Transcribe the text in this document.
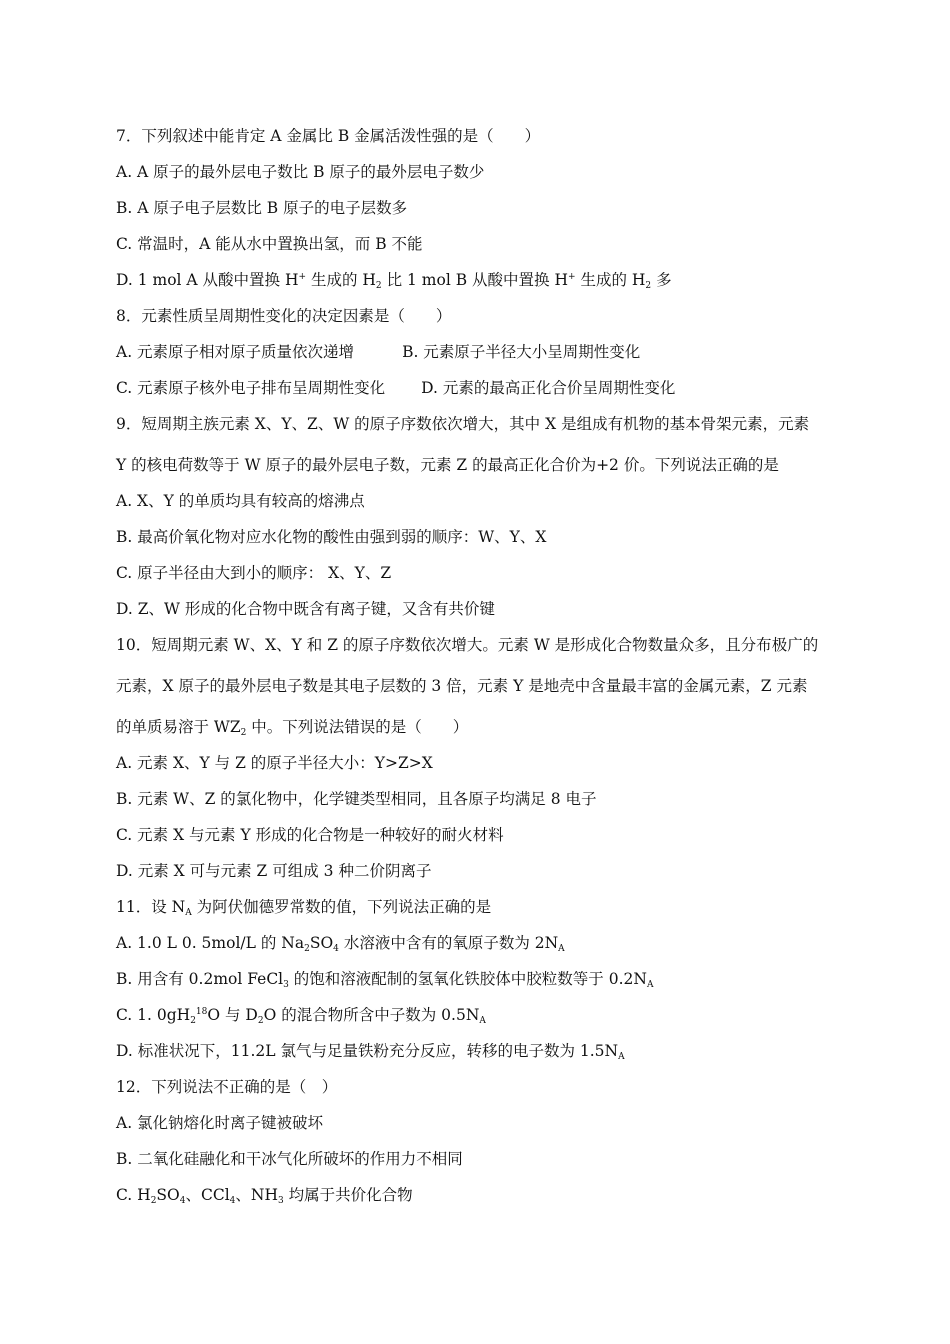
7．下列叙述中能肯定 A 金属比 B 金属活泼性强的是（　　）
A. A 原子的最外层电子数比 B 原子的最外层电子数少
B. A 原子电子层数比 B 原子的电子层数多
C. 常温时，A 能从水中置换出氢，而 B 不能
D. 1 mol A 从酸中置换 H+ 生成的 $H_2$ 比 1 mol B 从酸中置换 H+ 生成的 $H_2$ 多
8．元素性质呈周期性变化的决定因素是（　　）
A. 元素原子相对原子质量依次递增	B. 元素原子半径大小呈周期性变化
C. 元素原子核外电子排布呈周期性变化 D. 元素的最高正化合价呈周期性变化
9．短周期主族元素 X、Y、Z、W 的原子序数依次增大，其中 X 是组成有机物的基本骨架元素，元素
Y 的核电荷数等于 W 原子的最外层电子数，元素 Z 的最高正化合价为+2 价。下列说法正确的是
A. X、Y 的单质均具有较高的熔沸点
B. 最高价氧化物对应水化物的酸性由强到弱的顺序：W、Y、X
C. 原子半径由大到小的顺序： X、Y、Z
D. Z、W 形成的化合物中既含有离子键，又含有共价键
10．短周期元素 W、X、Y 和 Z 的原子序数依次增大。元素 W 是形成化合物数量众多，且分布极广的
元素，X 原子的最外层电子数是其电子层数的 3 倍，元素 Y 是地壳中含量最丰富的金属元素，Z 元素
的单质易溶于 $WZ_2$ 中。下列说法错误的是（　　）
A. 元素 X、Y 与 Z 的原子半径大小：Y>Z>X
B. 元素 W、Z 的氯化物中，化学键类型相同，且各原子均满足 8 电子
C. 元素 X 与元素 Y 形成的化合物是一种较好的耐火材料
D. 元素 X 可与元素 Z 可组成 3 种二价阴离子
11．设 $N_A$ 为阿伏伽德罗常数的值，下列说法正确的是
A. 1.0 L 0. 5mol/L 的 $Na_2SO_4$ 水溶液中含有的氧原子数为 $2N_A$
B. 用含有 0.2mol FeCl$_3$ 的饱和溶液配制的氢氧化铁胶体中胶粒数等于 $0.2N_A$
C. 1. $0gH_2^{18}O$ 与 $D_2O$ 的混合物所含中子数为 $0.5N_A$
D. 标准状况下，11.2L 氯气与足量铁粉充分反应，转移的电子数为 $1.5N_A$
12．下列说法不正确的是（　）
A. 氯化钠熔化时离子键被破坏
B. 二氧化硅融化和干冰气化所破坏的作用力不相同
C. $H_2SO_4$、CCl$_4$、$NH_3$ 均属于共价化合物
